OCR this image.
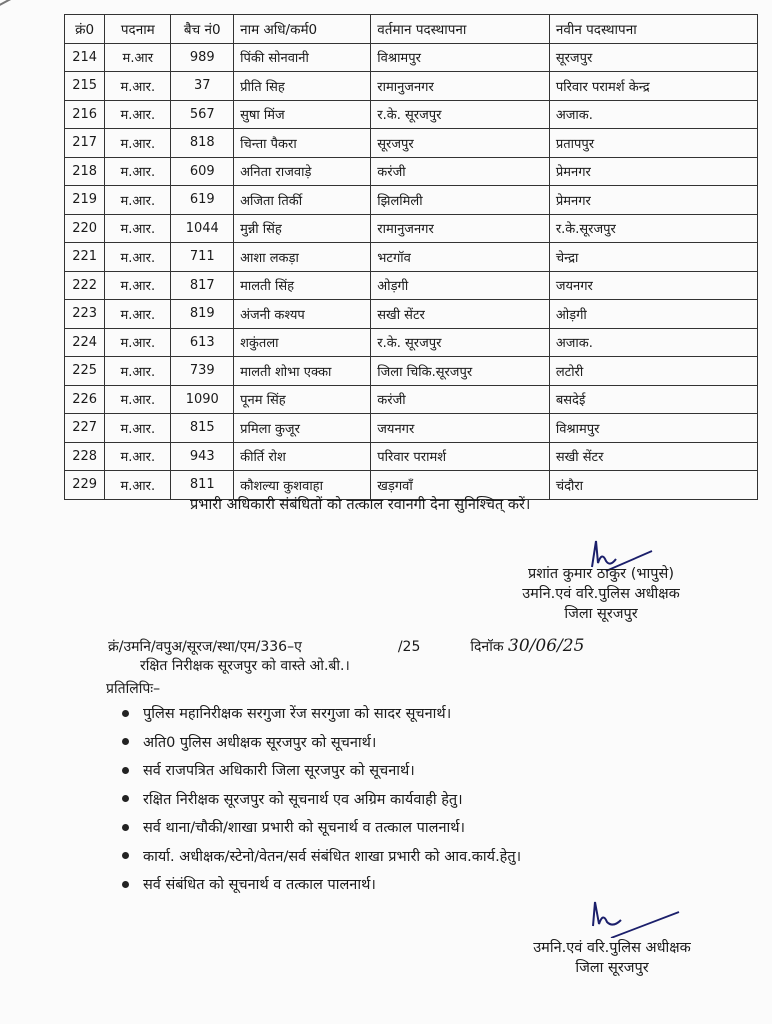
क्रं0	पदनाम	बैच नं0	नाम अधि/कर्म0	वर्तमान पदस्थापना	नवीन पदस्थापना
214	म.आर	989	पिंकी सोनवानी	विश्रामपुर	सूरजपुर
215	म.आर.	37	प्रीति सिह	रामानुजनगर	परिवार परामर्श केन्द्र
216	म.आर.	567	सुषा मिंज	र.के. सूरजपुर	अजाक.
217	म.आर.	818	चिन्ता पैकरा	सूरजपुर	प्रतापपुर
218	म.आर.	609	अनिता राजवाड़े	करंजी	प्रेमनगर
219	म.आर.	619	अजिता तिर्की	झिलमिली	प्रेमनगर
220	म.आर.	1044	मुन्नी सिंह	रामानुजनगर	र.के.सूरजपुर
221	म.आर.	711	आशा लकड़ा	भटगॉव	चेन्द्रा
222	म.आर.	817	मालती सिंह	ओड़गी	जयनगर
223	म.आर.	819	अंजनी कश्यप	सखी सेंटर	ओड़गी
224	म.आर.	613	शकुंतला	र.के. सूरजपुर	अजाक.
225	म.आर.	739	मालती शोभा एक्का	जिला चिकि.सूरजपुर	लटोरी
226	म.आर.	1090	पूनम सिंह	करंजी	बसदेई
227	म.आर.	815	प्रमिला कुजूर	जयनगर	विश्रामपुर
228	म.आर.	943	कीर्ति रोश	परिवार परामर्श	सखी सेंटर
229	म.आर.	811	कौशल्या कुशवाहा	खड़गवॉं	चंदौरा
प्रभारी अधिकारी संबंधितों को तत्काल रवानगी देना सुनिश्चित् करें।
प्रशांत कुमार ठाकुर (भापुसे)
उमनि.एवं वरि.पुलिस अधीक्षक
जिला सूरजपुर
क्रं/उमनि/वपुअ/सूरज/स्था/एम/336–ए	/25	दिनॉक 30/06/25
रक्षित निरीक्षक सूरजपुर को वास्ते ओ.बी.।
प्रतिलिपिः–
पुलिस महानिरीक्षक सरगुजा रेंज सरगुजा को सादर सूचनार्थ।
अति0 पुलिस अधीक्षक सूरजपुर को सूचनार्थ।
सर्व राजपत्रित अधिकारी जिला सूरजपुर को सूचनार्थ।
रक्षित निरीक्षक सूरजपुर को सूचनार्थ एव अग्रिम कार्यवाही हेतु।
सर्व थाना/चौकी/शाखा प्रभारी को सूचनार्थ व तत्काल पालनार्थ।
कार्या. अधीक्षक/स्टेनो/वेतन/सर्व संबंधित शाखा प्रभारी को आव.कार्य.हेतु।
सर्व संबंधित को सूचनार्थ व तत्काल पालनार्थ।
उमनि.एवं वरि.पुलिस अधीक्षक
जिला सूरजपुर
